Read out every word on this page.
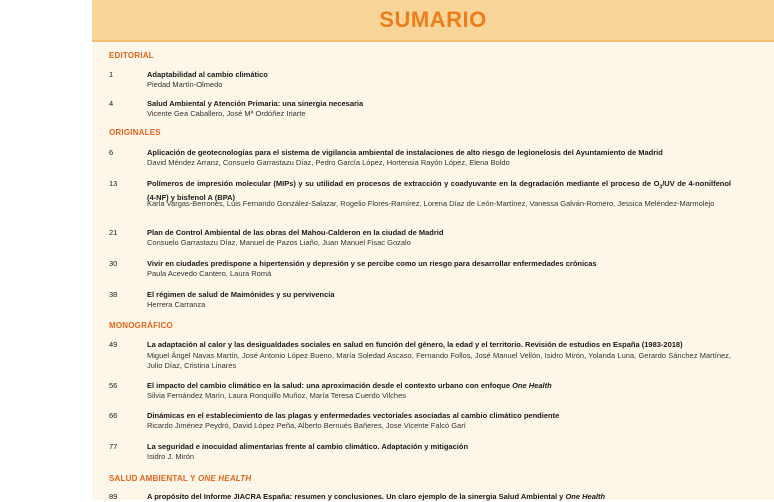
SUMARIO
EDITORIAL
1	Adaptabilidad al cambio climático
Piedad Martín-Olmedo
4	Salud Ambiental y Atención Primaria: una sinergia necesaria
Vicente Gea Caballero, José Mª Ordóñez Iriarte
ORIGINALES
6	Aplicación de geotecnologías para el sistema de vigilancia ambiental de instalaciones de alto riesgo de legionelosis del Ayuntamiento de Madrid
David Méndez Arranz, Consuelo Garrastazu Díaz, Pedro García López, Hortensia Rayón López, Elena Boldo
13	Polímeros de impresión molecular (MIPs) y su utilidad en procesos de extracción y coadyuvante en la degradación mediante el proceso de $O_3/UV$ de 4-nonilfenol (4-NF) y bisfenol A (BPA)
Karla Vargas-Berrones, Luis Fernando González-Salazar, Rogelio Flores-Ramírez, Lorena Díaz de León-Martínez, Vanessa Galván-Romero, Jessica Meléndez-Marmolejo
21	Plan de Control Ambiental de las obras del Mahou-Calderon en la ciudad de Madrid
Consuelo Garrastazu Díaz, Manuel de Pazos Liaño, Juan Manuel Fisac Gozalo
30	Vivir en ciudades predispone a hipertensión y depresión y se percibe como un riesgo para desarrollar enfermedades crónicas
Paula Acevedo Cantero, Laura Romá
38	El régimen de salud de Maimónides y su pervivencia
Herrera Carranza
MONOGRÁFICO
49	La adaptación al calor y las desigualdades sociales en salud en función del género, la edad y el territorio. Revisión de estudios en España (1983-2018)
Miguel Ángel Navas Martín, José Antonio López Bueno, María Soledad Ascaso, Fernando Follos, José Manuel Vellón, Isidro Mirón, Yolanda Luna, Gerardo Sánchez Martínez, Julio Díaz, Cristina Linares
56	El impacto del cambio climático en la salud: una aproximación desde el contexto urbano con enfoque One Health
Silvia Fernández Marín, Laura Ronquillo Muñoz, María Teresa Cuerdo Vilches
66	Dinámicas en el establecimiento de las plagas y enfermedades vectoriales asociadas al cambio climático pendiente
Ricardo Jiménez Peydró, David López Peña, Alberto Bernués Bañeres, Jose Vicente Falcó Garí
77	La seguridad e inocuidad alimentarias frente al cambio climático. Adaptación y mitigación
Isidro J. Mirón
SALUD AMBIENTAL Y ONE HEALTH
89	A propósito del Informe JIACRA España: resumen y conclusiones. Un claro ejemplo de la sinergia Salud Ambiental y One Health
